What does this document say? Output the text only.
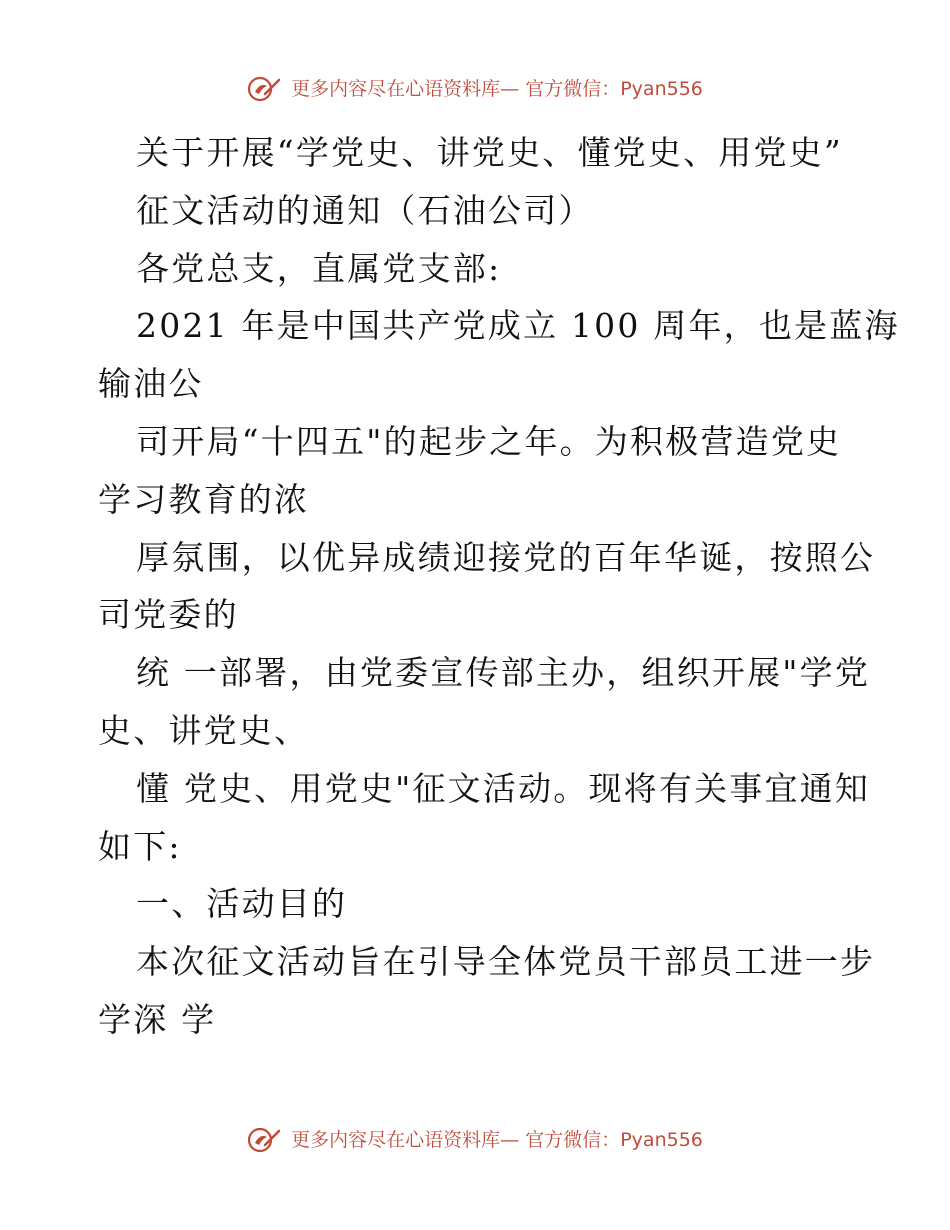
更多内容尽在心语资料库— 官方微信：Pyan556
关于开展“学党史、讲党史、懂党史、用党史”
征文活动的通知（石油公司）
各党总支，直属党支部:
2021 年是中国共产党成立 100 周年，也是蓝海
输油公
司开局“十四五"的起步之年。为积极营造党史
学习教育的浓
厚氛围，以优异成绩迎接党的百年华诞，按照公
司党委的
统 一部署，由党委宣传部主办，组织开展"学党
史、讲党史、
懂 党史、用党史"征文活动。现将有关事宜通知
如下:
一、活动目的
本次征文活动旨在引导全体党员干部员工进一步
学深 学
更多内容尽在心语资料库— 官方微信：Pyan556
